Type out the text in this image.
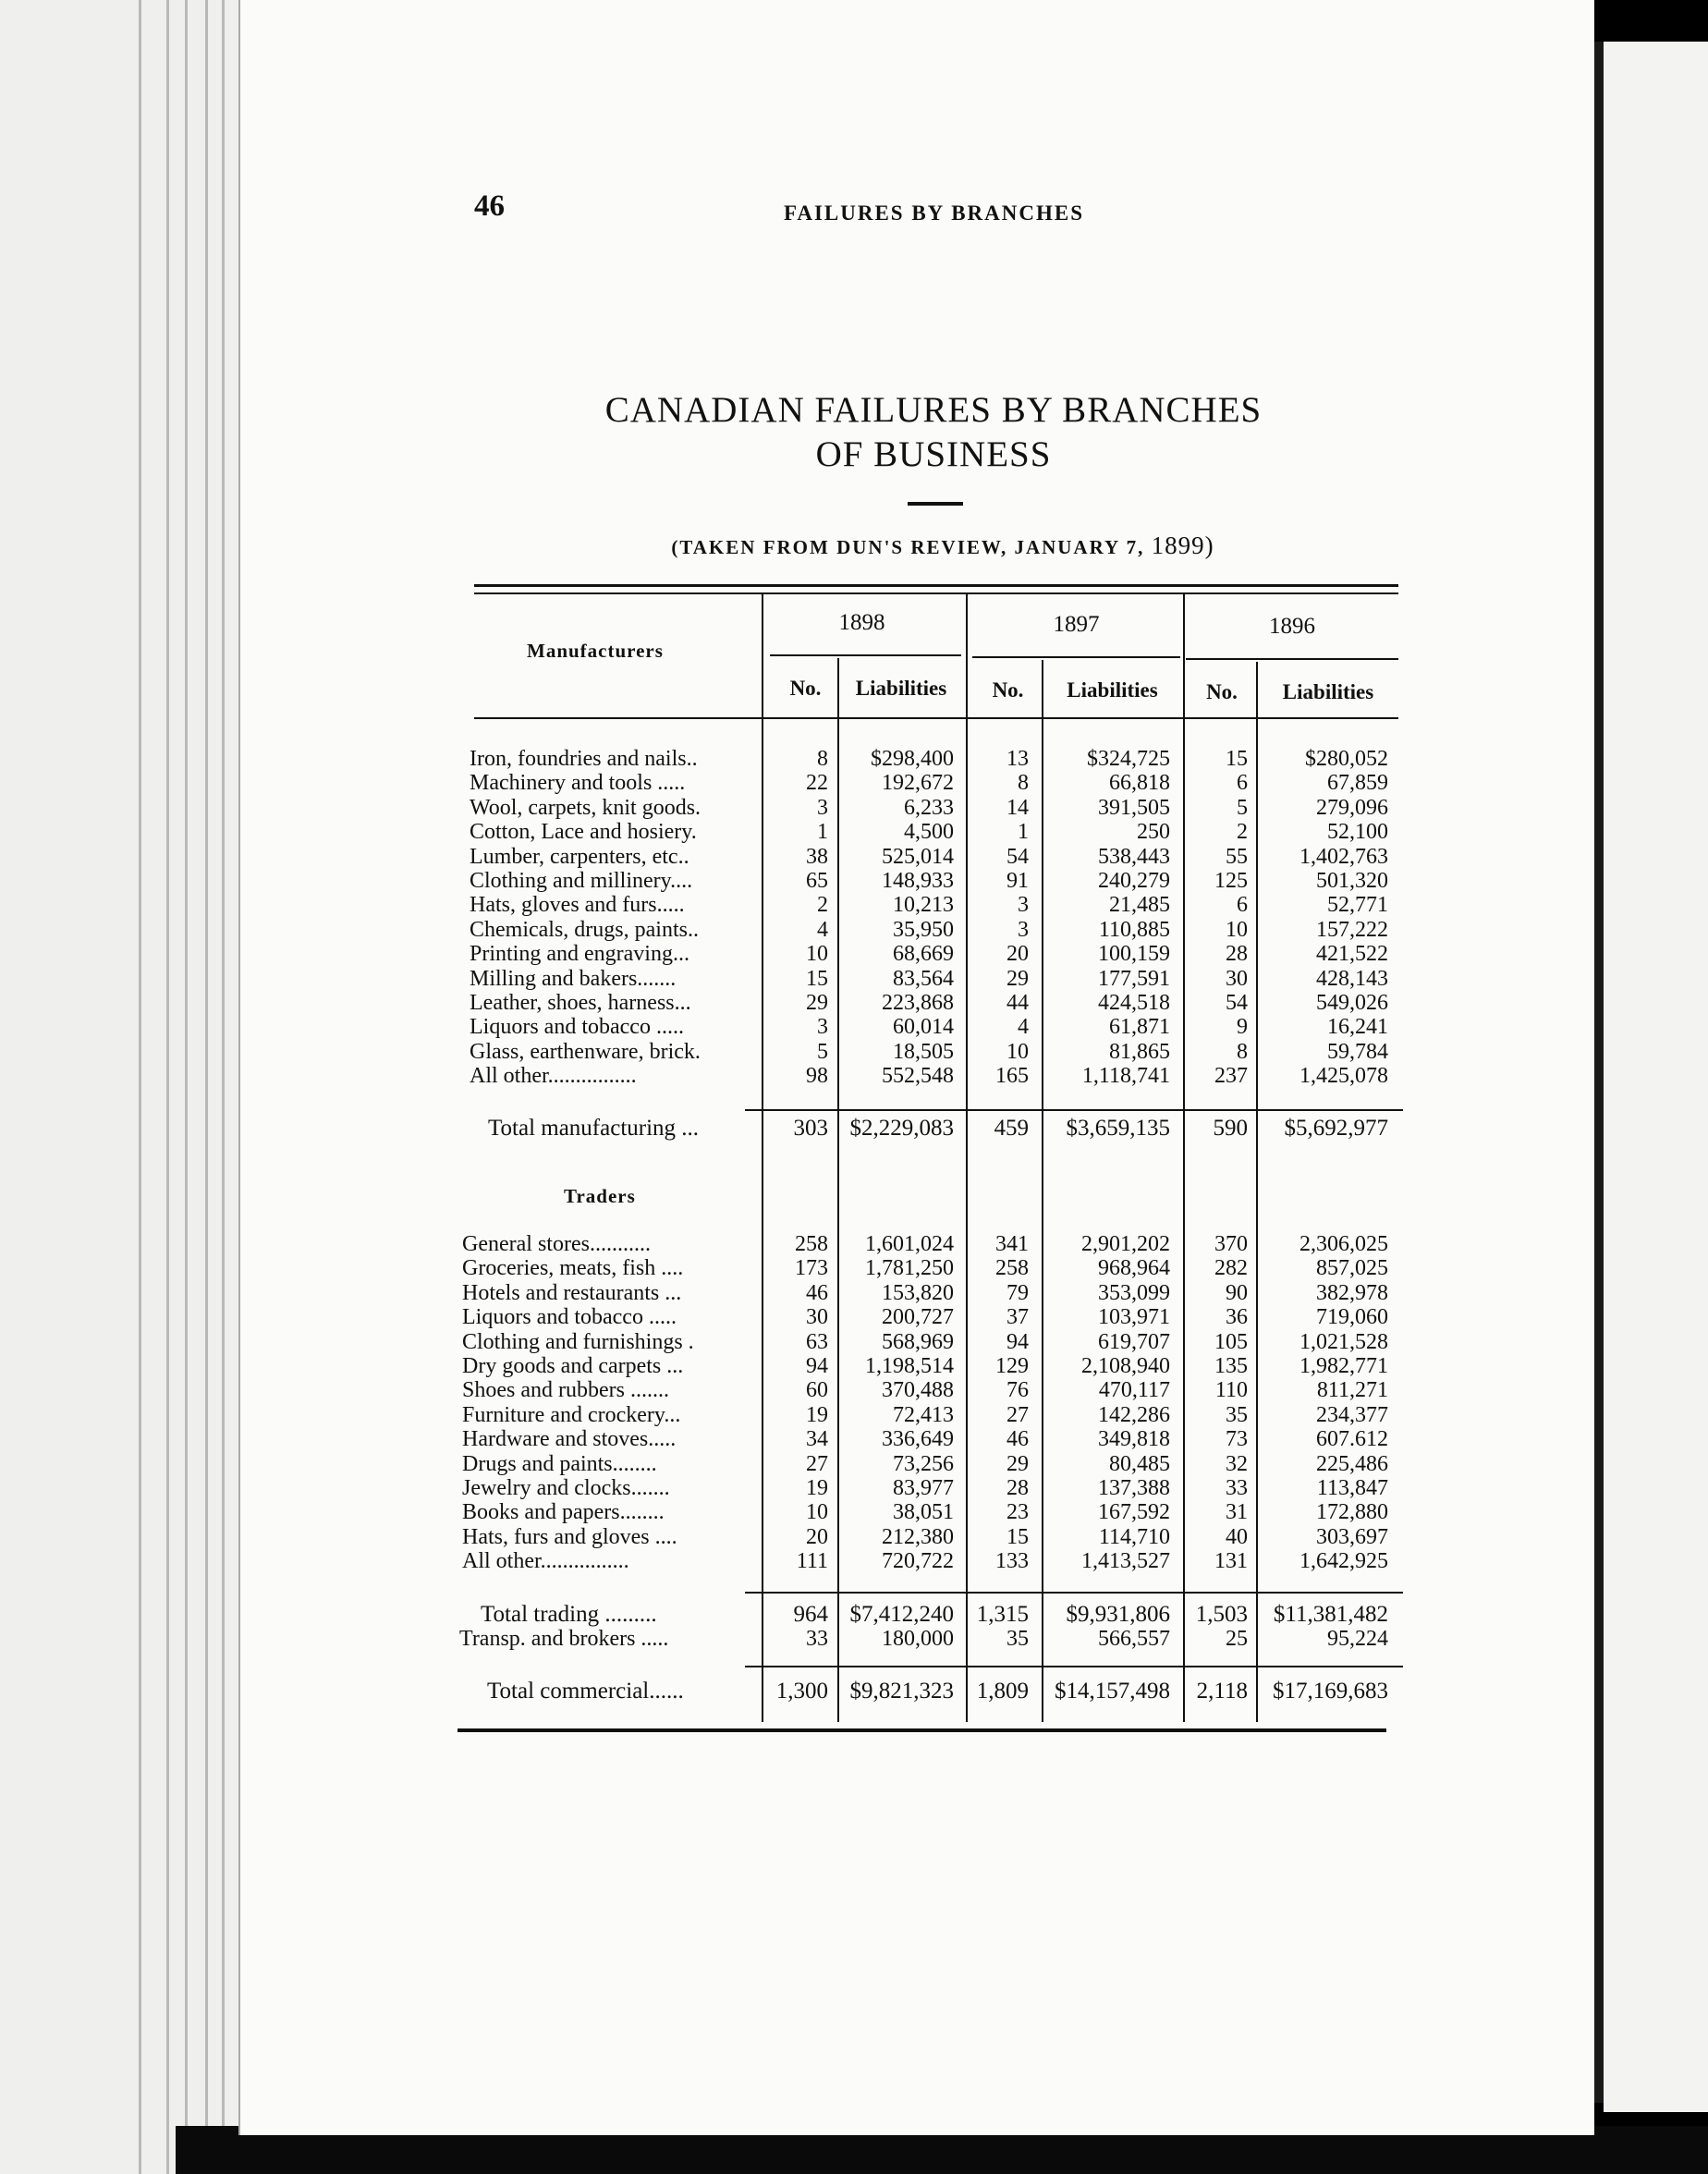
46	FAILURES BY BRANCHES
CANADIAN FAILURES BY BRANCHES
OF BUSINESS
(TAKEN FROM DUN'S REVIEW, JANUARY 7, 1899)
Manufacturers
1898	1897	1896
No.	Liabilities	No.	Liabilities	No.	Liabilities
Iron, foundries and nails..	8	$298,400	13	$324,725	15	$280,052
Machinery and tools .....	22	192,672	8	66,818	6	67,859
Wool, carpets, knit goods.	3	6,233	14	391,505	5	279,096
Cotton, Lace and hosiery.	1	4,500	1	250	2	52,100
Lumber, carpenters, etc..	38	525,014	54	538,443	55	1,402,763
Clothing and millinery....	65	148,933	91	240,279	125	501,320
Hats, gloves and furs.....	2	10,213	3	21,485	6	52,771
Chemicals, drugs, paints..	4	35,950	3	110,885	10	157,222
Printing and engraving...	10	68,669	20	100,159	28	421,522
Milling and bakers.......	15	83,564	29	177,591	30	428,143
Leather, shoes, harness...	29	223,868	44	424,518	54	549,026
Liquors and tobacco .....	3	60,014	4	61,871	9	16,241
Glass, earthenware, brick.	5	18,505	10	81,865	8	59,784
All other................	98	552,548	165	1,118,741	237	1,425,078
Total manufacturing ...	303 $2,229,083	459	$3,659,135	590	$5,692,977
General stores...........	258	1,601,024	341	2,901,202	370	2,306,025
Groceries, meats, fish ....	173	1,781,250	258	968,964	282	857,025
Hotels and restaurants ...	46	153,820	79	353,099	90	382,978
Liquors and tobacco .....	30	200,727	37	103,971	36	719,060
Clothing and furnishings .	63	568,969	94	619,707	105	1,021,528
Dry goods and carpets ...	94	1,198,514	129	2,108,940	135	1,982,771
Shoes and rubbers .......	60	370,488	76	470,117	110	811,271
Furniture and crockery...	19	72,413	27	142,286	35	234,377
Hardware and stoves.....	34	336,649	46	349,818	73	607.612
Drugs and paints........	27	73,256	29	80,485	32	225,486
Jewelry and clocks.......	19	83,977	28	137,388	33	113,847
Books and papers........	10	38,051	23	167,592	31	172,880
Hats, furs and gloves ....	20	212,380	15	114,710	40	303,697
All other................	111	720,722	133	1,413,527	131	1,642,925
Total trading .........	964 $7,412,240 1,315	$9,931,806	1,503	$11,381,482
Transp. and brokers .....	33	180,000	35	566,557	25	95,224
Total commercial......	1,300 $9,821,323 1,809	$14,157,498	2,118	$17,169,683
Traders
